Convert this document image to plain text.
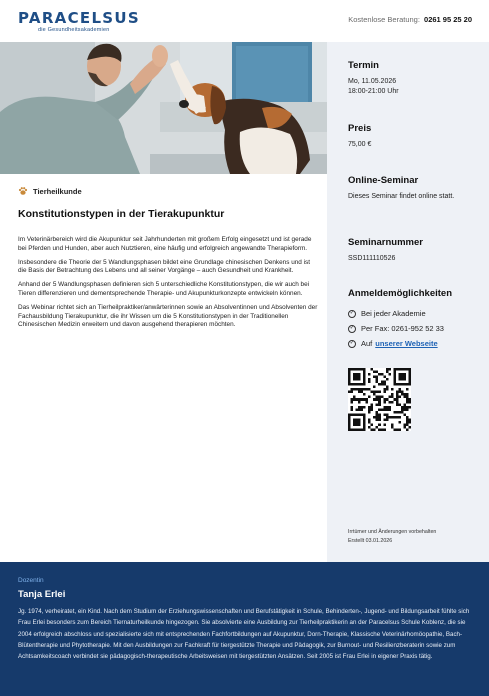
PARACELSUS
die Gesundheitsakademien
Kostenlose Beratung: 0261 95 25 20
Termin
Mo, 11.05.2026
18:00-21:00 Uhr
Preis
75,00 €
Online-Seminar
Dieses Seminar findet online statt.
Seminarnummer
SSD111110526
Anmeldemöglichkeiten
✓ Bei jeder Akademie
✓ Per Fax: 0261-952 52 33
✓ Auf unserer Webseite
Irrtümer und Änderungen vorbehalten
Erstellt 03.01.2026
Tierheilkunde
Konstitutionstypen in der Tierakupunktur

Im Veterinärbereich wird die Akupunktur seit Jahrhunderten mit großem Erfolg eingesetzt und ist gerade bei Pferden und Hunden, aber auch Nutztieren, eine häufig und erfolgreich angewandte Therapieform.

Insbesondere die Theorie der 5 Wandlungsphasen bildet eine Grundlage chinesischen Denkens und ist die Basis der Betrachtung des Lebens und all seiner Vorgänge – auch Gesundheit und Krankheit.

Anhand der 5 Wandlungsphasen definieren sich 5 unterschiedliche Konstitutionstypen, die wir auch bei Tieren differenzieren und dementsprechende Therapie- und Akupunkturkonzepte entwickeln können.

Das Webinar richtet sich an Tierheilpraktiker/anwärterinnen sowie an Absolventinnen und Absolventen der Fachausbildung Tierakupunktur, die ihr Wissen um die 5 Konstitutionstypen in der Traditionellen Chinesischen Medizin erweitern und davon ausgehend therapieren möchten.

Dozentin
Tanja Erlei
Jg. 1974, verheiratet, ein Kind. Nach dem Studium der Erziehungswissenschaften und Berufstätigkeit in Schule, Behinderten-, Jugend- und Bildungsarbeit fühlte sich Frau Erlei besonders zum Bereich Tiernaturheilkunde hingezogen. Sie absolvierte eine Ausbildung zur Tierheilpraktikerin an der Paracelsus Schule Koblenz, die sie 2004 erfolgreich abschloss und spezialisierte sich mit entsprechenden Fachfortbildungen auf Akupunktur, Dorn-Therapie, Klassische Veterinärhomöopathie, Bach-Blütentherapie und Phytotherapie. Mit den Ausbildungen zur Fachkraft für tiergestützte Therapie und Pädagogik, zur Burnout- und Resilienzberaterin sowie zum Achtsamkeitscoach verbindet sie pädagogisch-therapeutische Arbeitsweisen mit tiergestützten Ansätzen. Seit 2005 ist Frau Erlei in eigener Praxis tätig.
